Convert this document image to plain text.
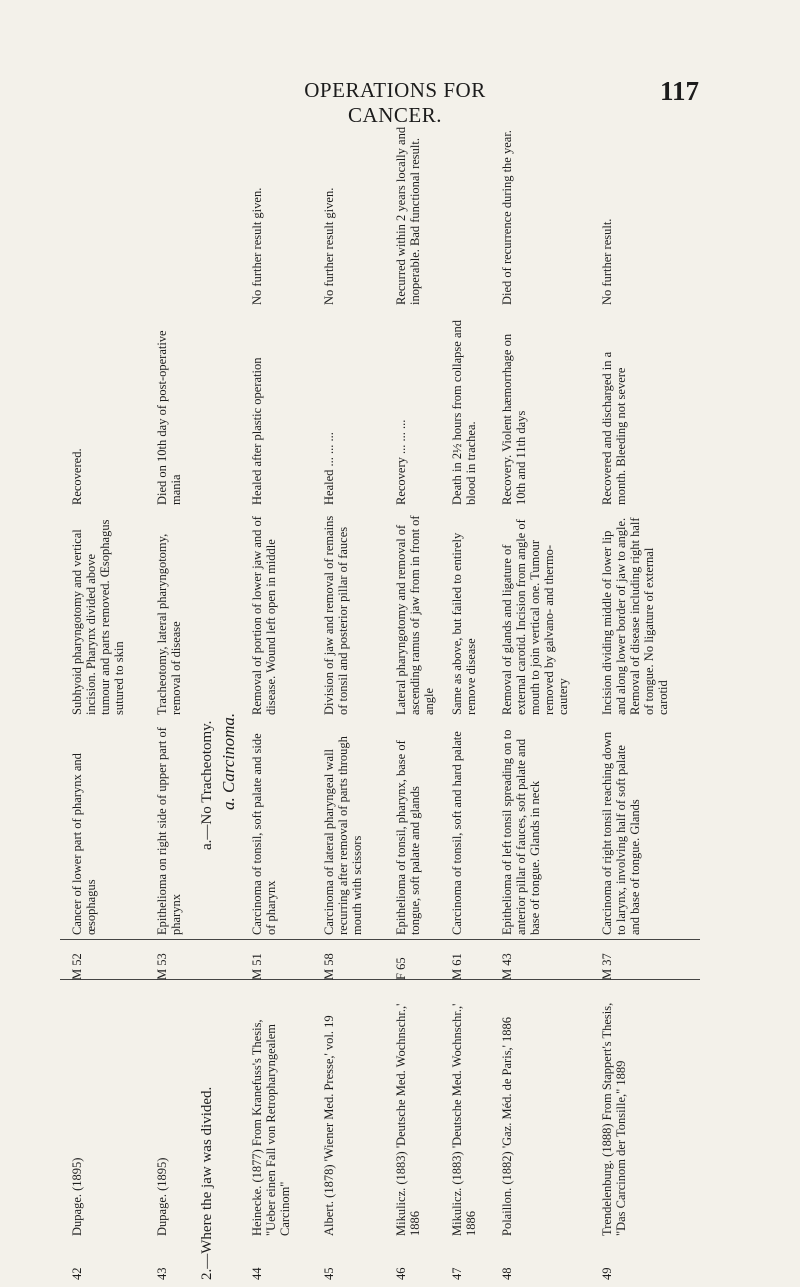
OPERATIONS FOR CANCER.
117
42
Dupage. (1895)
M 52
Cancer of lower part of pharynx and œsophagus
Subhyoid pharyngotomy and vertical incision. Pharynx divided above tumour and parts removed. Œsophagus sutured to skin
Recovered.
43
Dupage. (1895)
M 53
Epithelioma on right side of upper part of pharynx
Tracheotomy, lateral pharyngotomy, removal of disease
Died on 10th day of post-operative mania
2.—Where the jaw was divided.
a.—No Tracheotomy. a. Carcinoma.
44
Heinecke. (1877) From Kranefuss's Thesis, "Ueber einen Fall von Retropharyngealem Carcinom"
M 51
Carcinoma of tonsil, soft palate and side of pharynx
Removal of portion of lower jaw and of disease. Wound left open in middle
Healed after plastic operation
No further result given.
45
Albert. (1878) 'Wiener Med. Presse,' vol. 19
M 58
Carcinoma of lateral pharyngeal wall recurring after removal of parts through mouth with scissors
Division of jaw and removal of remains of tonsil and posterior pillar of fauces
Healed ... ... ...
No further result given.
46
Mikulicz. (1883) 'Deutsche Med. Wochnschr.,' 1886
F 65
Epithelioma of tonsil, pharynx, base of tongue, soft palate and glands
Lateral pharyngotomy and removal of ascending ramus of jaw from in front of angle
Recovery ... ... ...
Recurred within 2 years locally and inoperable. Bad functional result.
47
Mikulicz. (1883) 'Deutsche Med. Wochnschr.,' 1886
M 61
Carcinoma of tonsil, soft and hard palate
Same as above, but failed to entirely remove disease
Death in 2½ hours from collapse and blood in trachea.
48
Polaillon. (1882) 'Gaz. Méd. de Paris,' 1886
M 43
Epithelioma of left tonsil spreading on to anterior pillar of fauces, soft palate and base of tongue. Glands in neck
Removal of glands and ligature of external carotid. Incision from angle of mouth to join vertical one. Tumour removed by galvano- and thermo-cautery
Recovery. Violent hæmorrhage on 10th and 11th days
Died of recurrence during the year.
49
Trendelenburg. (1888) From Stappert's Thesis, "Das Carcinom der Tonsille," 1889
M 37
Carcinoma of right tonsil reaching down to larynx, involving half of soft palate and base of tongue. Glands
Incision dividing middle of lower lip and along lower border of jaw to angle. Removal of disease including right half of tongue. No ligature of external carotid
Recovered and discharged in a month. Bleeding not severe
No further result.
